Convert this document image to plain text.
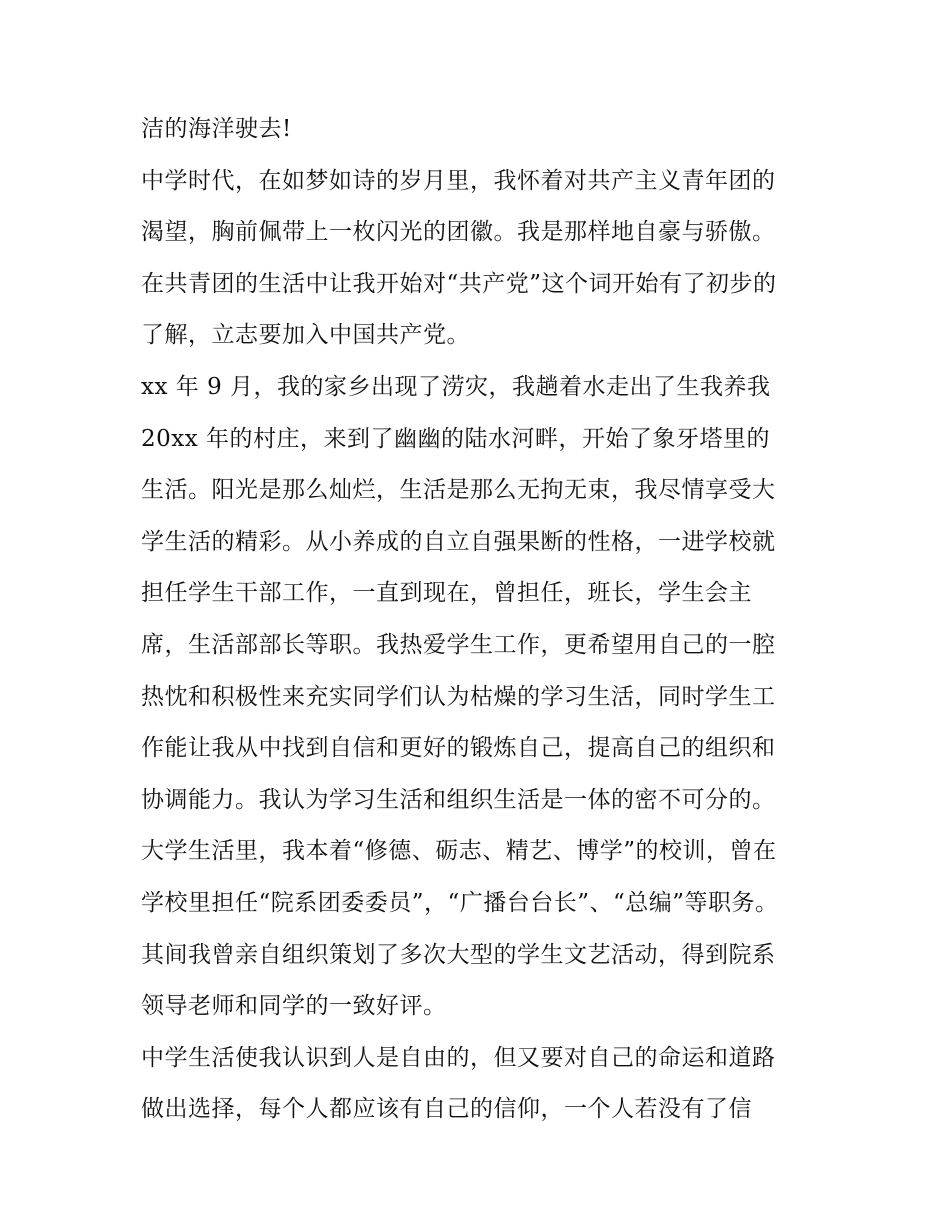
洁的海洋驶去!
中学时代，在如梦如诗的岁月里，我怀着对共产主义青年团的
渴望，胸前佩带上一枚闪光的团徽。我是那样地自豪与骄傲。
在共青团的生活中让我开始对“共产党”这个词开始有了初步的
了解，立志要加入中国共产党。
xx 年 9 月，我的家乡出现了涝灾，我趟着水走出了生我养我
20xx 年的村庄，来到了幽幽的陆水河畔，开始了象牙塔里的
生活。阳光是那么灿烂，生活是那么无拘无束，我尽情享受大
学生活的精彩。从小养成的自立自强果断的性格，一进学校就
担任学生干部工作，一直到现在，曾担任，班长，学生会主
席，生活部部长等职。我热爱学生工作，更希望用自己的一腔
热忱和积极性来充实同学们认为枯燥的学习生活，同时学生工
作能让我从中找到自信和更好的锻炼自己，提高自己的组织和
协调能力。我认为学习生活和组织生活是一体的密不可分的。
大学生活里，我本着“修德、砺志、精艺、博学”的校训，曾在
学校里担任“院系团委委员”，“广播台台长”、“总编”等职务。
其间我曾亲自组织策划了多次大型的学生文艺活动，得到院系
领导老师和同学的一致好评。
中学生活使我认识到人是自由的，但又要对自己的命运和道路
做出选择，每个人都应该有自己的信仰，一个人若没有了信
